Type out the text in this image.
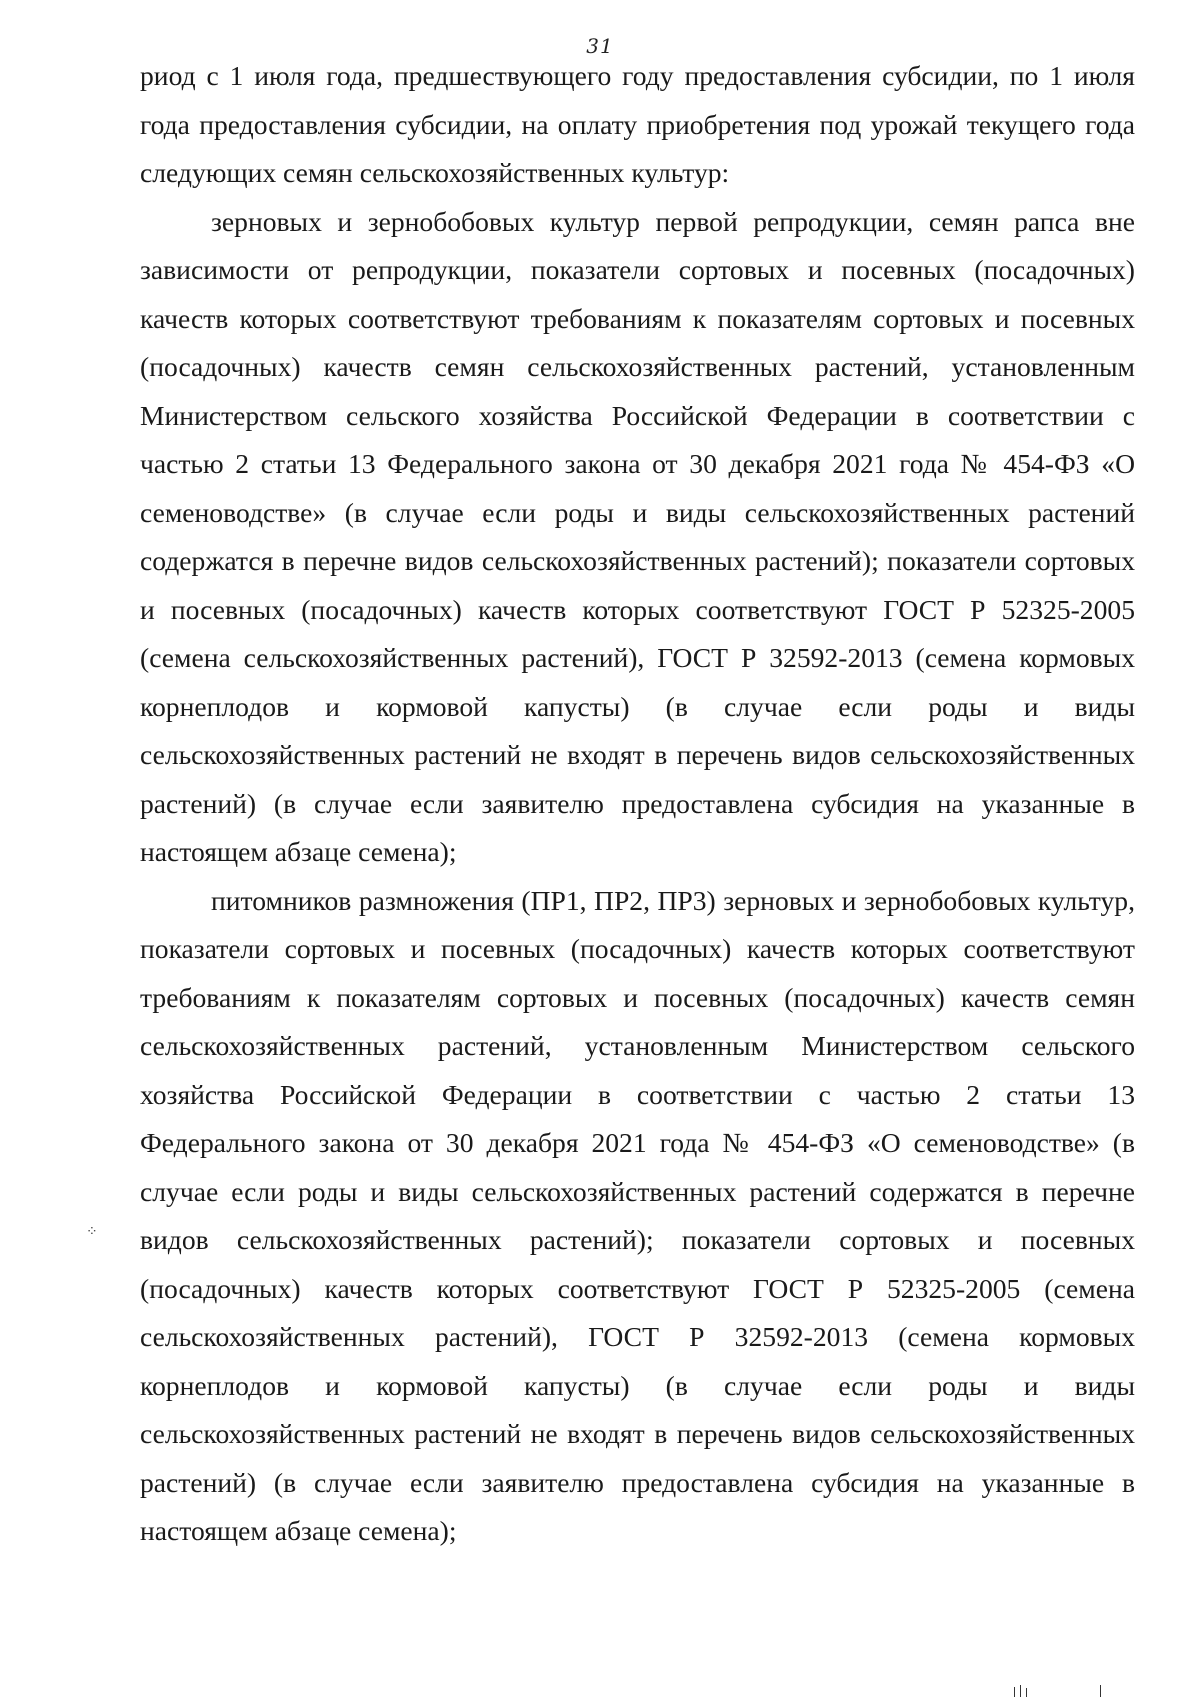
31

риод с 1 июля года, предшествующего году предоставления субсидии, по 1 июля года предоставления субсидии, на оплату приобретения под урожай текущего года следующих семян сельскохозяйственных культур:

зерновых и зернобобовых культур первой репродукции, семян рапса вне зависимости от репродукции, показатели сортовых и посевных (посадочных) качеств которых соответствуют требованиям к показателям сортовых и посевных (посадочных) качеств семян сельскохозяйственных растений, установленным Министерством сельского хозяйства Российской Федерации в соответствии с частью 2 статьи 13 Федерального закона от 30 декабря 2021 года № 454-ФЗ «О семеноводстве» (в случае если роды и виды сельскохозяйственных растений содержатся в перечне видов сельскохозяйственных растений); показатели сортовых и посевных (посадочных) качеств которых соответствуют ГОСТ Р 52325-2005 (семена сельскохозяйственных растений), ГОСТ Р 32592-2013 (семена кормовых корнеплодов и кормовой капусты) (в случае если роды и виды сельскохозяйственных растений не входят в перечень видов сельскохозяйственных растений) (в случае если заявителю предоставлена субсидия на указанные в настоящем абзаце семена);

питомников размножения (ПР1, ПР2, ПР3) зерновых и зернобобовых культур, показатели сортовых и посевных (посадочных) качеств которых соответствуют требованиям к показателям сортовых и посевных (посадочных) качеств семян сельскохозяйственных растений, установленным Министерством сельского хозяйства Российской Федерации в соответствии с частью 2 статьи 13 Федерального закона от 30 декабря 2021 года № 454-ФЗ «О семеноводстве» (в случае если роды и виды сельскохозяйственных растений содержатся в перечне видов сельскохозяйственных растений); показатели сортовых и посевных (посадочных) качеств которых соответствуют ГОСТ Р 52325-2005 (семена сельскохозяйственных растений), ГОСТ Р 32592-2013 (семена кормовых корнеплодов и кормовой капусты) (в случае если роды и виды сельскохозяйственных растений не входят в перечень видов сельскохозяйственных растений) (в случае если заявителю предоставлена субсидия на указанные в настоящем абзаце семена);

⁘
